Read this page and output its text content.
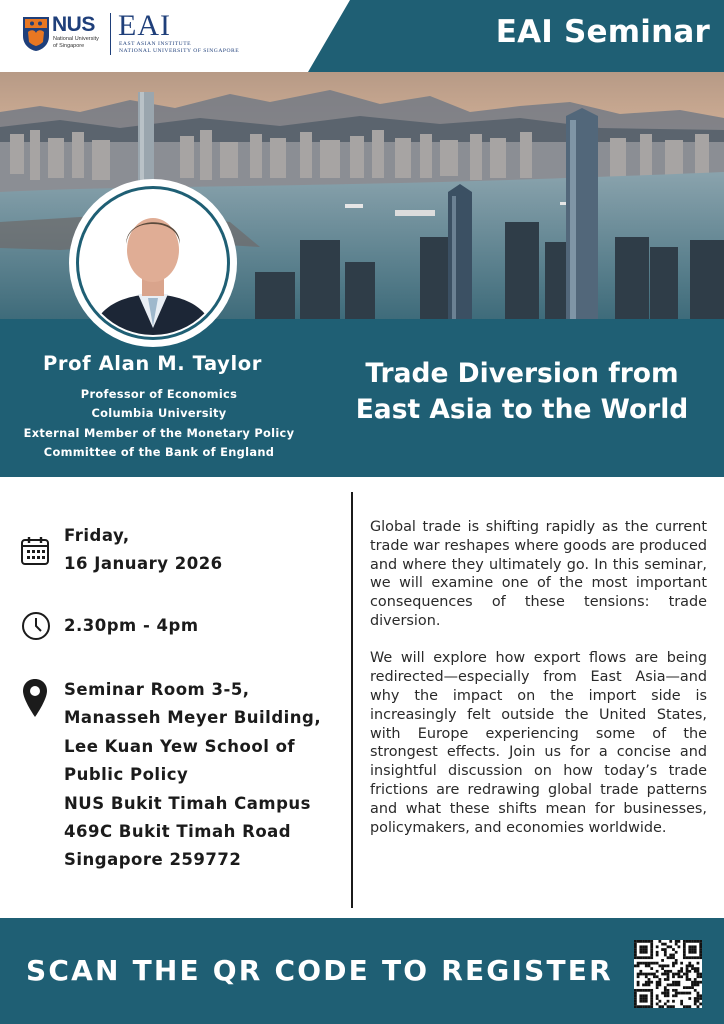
EAI Seminar
NUS
National University
of Singapore
EAI
EAST ASIAN INSTITUTE
NATIONAL UNIVERSITY OF SINGAPORE
Prof Alan M. Taylor
Professor of Economics
Columbia University
External Member of the Monetary Policy
Committee of the Bank of England
Trade Diversion from
East Asia to the World
Friday,
16 January 2026
2.30pm - 4pm
Seminar Room 3-5,
Manasseh Meyer Building,
Lee Kuan Yew School of
Public Policy
NUS Bukit Timah Campus
469C Bukit Timah Road
Singapore 259772

Global trade is shifting rapidly as the current trade war reshapes where goods are produced and where they ultimately go. In this seminar, we will examine one of the most important consequences of these tensions: trade diversion.

We will explore how export flows are being redirected—especially from East Asia—and why the impact on the import side is increasingly felt outside the United States, with Europe experiencing some of the strongest effects. Join us for a concise and insightful discussion on how today’s trade frictions are redrawing global trade patterns and what these shifts mean for businesses, policymakers, and economies worldwide.

SCAN THE QR CODE TO REGISTER
